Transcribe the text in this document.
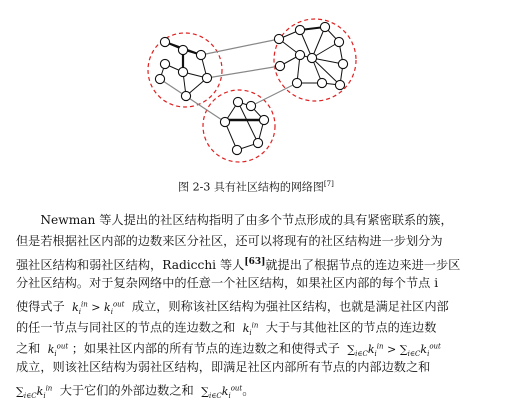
图 2-3 具有社区结构的网络图[7]
Newman 等人提出的社区结构指明了由多个节点形成的具有紧密联系的簇，
但是若根据社区内部的边数来区分社区，还可以将现有的社区结构进一步划分为
强社区结构和弱社区结构，Radicchi 等人[63]就提出了根据节点的连边来进一步区
分社区结构。对于复杂网络中的任意一个社区结构，如果社区内部的每个节点 i
使得式子 $k_i^{in} > k_i^{out}$ 成立，则称该社区结构为强社区结构，也就是满足社区内部
的任一节点与同社区的节点的连边数之和 $k_i^{in}$ 大于与其他社区的节点的连边数
之和 $k_i^{out}$ ；如果社区内部的所有节点的连边数之和使得式子 $\sum_{i\in C}k_i^{in} > \sum_{i\in C}k_i^{out}$
成立，则该社区结构为弱社区结构，即满足社区内部所有节点的内部边数之和
$\sum_{i\in C}k_i^{in}$ 大于它们的外部边数之和 $\sum_{i\in C}k_i^{out}$。
